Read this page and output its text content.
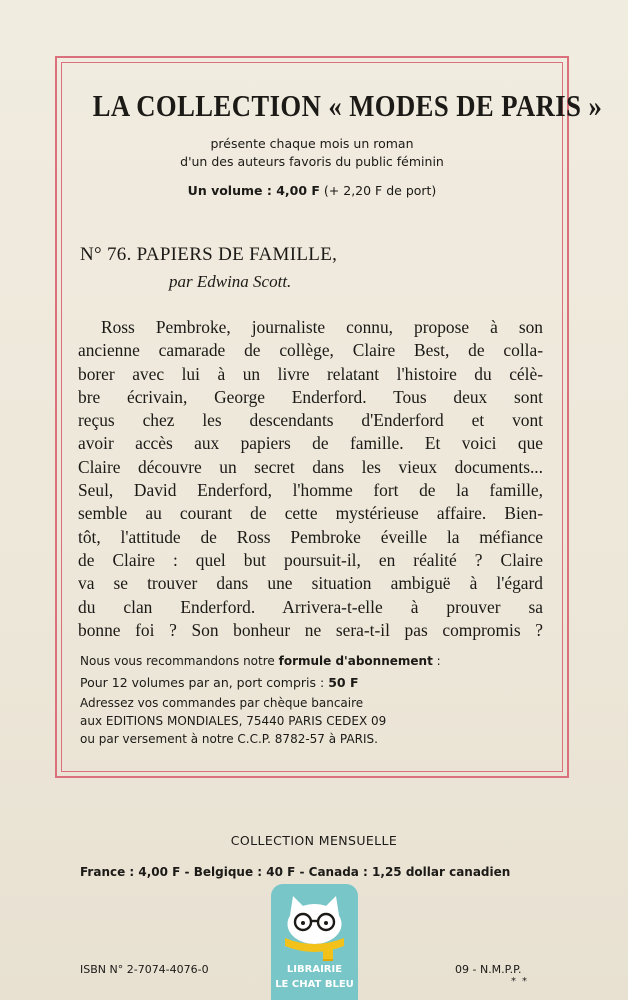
LA COLLECTION « MODES DE PARIS »
présente chaque mois un roman
d'un des auteurs favoris du public féminin
Un volume : 4,00 F (+ 2,20 F de port)
N° 76. PAPIERS DE FAMILLE,
par Edwina Scott.
Ross Pembroke, journaliste connu, propose à son
ancienne camarade de collège, Claire Best, de colla-
borer avec lui à un livre relatant l'histoire du célè-
bre écrivain, George Enderford. Tous deux sont
reçus chez les descendants d'Enderford et vont
avoir accès aux papiers de famille. Et voici que
Claire découvre un secret dans les vieux documents...
Seul, David Enderford, l'homme fort de la famille,
semble au courant de cette mystérieuse affaire. Bien-
tôt, l'attitude de Ross Pembroke éveille la méfiance
de Claire : quel but poursuit-il, en réalité ? Claire
va se trouver dans une situation ambiguë à l'égard
du clan Enderford. Arrivera-t-elle à prouver sa
bonne foi ? Son bonheur ne sera-t-il pas compromis ?
Nous vous recommandons notre formule d'abonnement :
Pour 12 volumes par an, port compris : 50 F
Adressez vos commandes par chèque bancaire
aux EDITIONS MONDIALES, 75440 PARIS CEDEX 09
ou par versement à notre C.C.P. 8782-57 à PARIS.
COLLECTION MENSUELLE
France : 4,00 F - Belgique : 40 F - Canada : 1,25 dollar canadien
LIBRAIRIE
LE CHAT BLEU
ISBN N° 2-7074-4076-0	09 - N.M.P.P.
**
